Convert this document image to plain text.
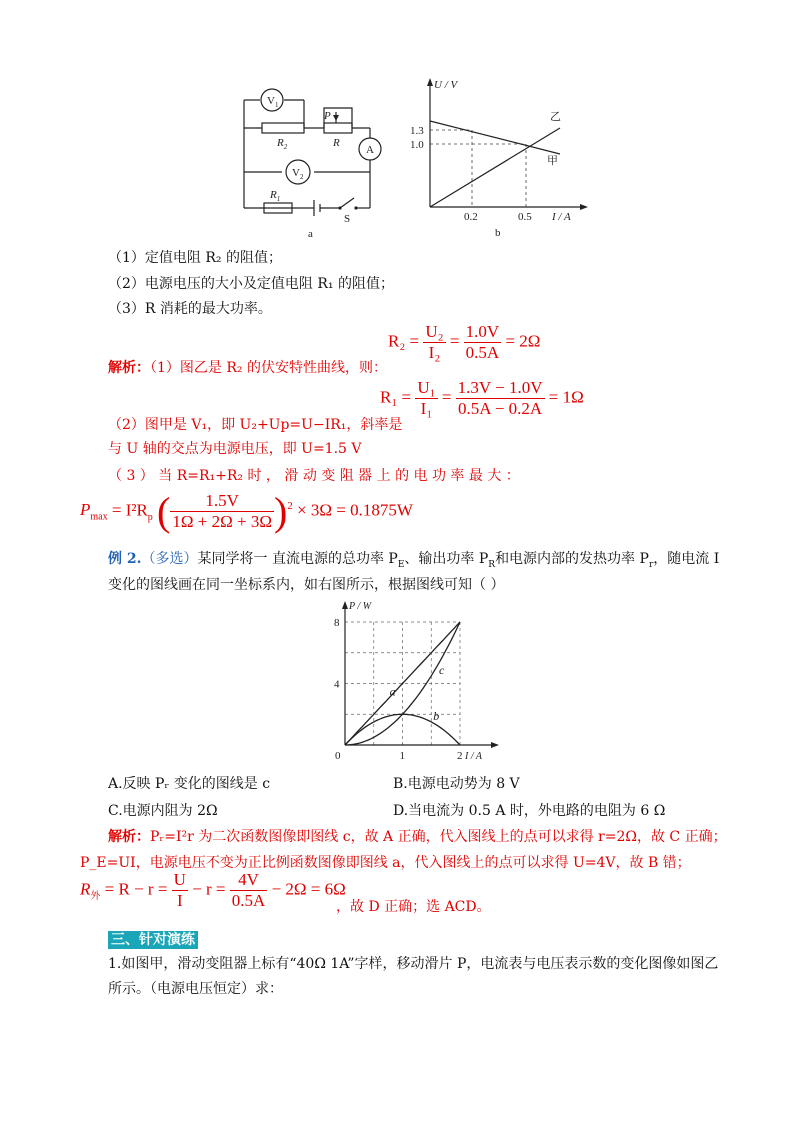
$V_1$
$R_2$
P
R
A
$V_2$
$R_1$
S
a
U / V
I / A
1.3
1.0
0.2	0.5
甲
乙
b
（1）定值电阻 R₂ 的阻值；
（2）电源电压的大小及定值电阻 R₁ 的阻值；
（3）R 消耗的最大功率。
$R_2 = \frac{\text{U₂}}{\text{I₂}} = \frac{1.0V}{0.5A} = 2\Omega$
解析：（1）图乙是 R₂ 的伏安特性曲线，则：
$R_1 = \frac{\text{U₁}}{\text{I₁}} = \frac{1.3V - 1.0V}{0.5A - 0.2A} = 1\Omega$
（2）图甲是 V₁，即 U₂+Up=U−IR₁，斜率是
与 U 轴的交点为电源电压，即 U=1.5 V
（ 3 ） 当 R=R₁+R₂ 时 ， 滑 动 变 阻 器 上 的 电 功 率 最 大 ：
$P_{max} = I^2R_p$ ( $\frac{1.5V}{1\Omega + 2\Omega + 3\Omega} )^2 \times 3\Omega = 0.1875W$
例 2.（多选）某同学将一 直流电源的总功率 $P_E$、输出功率 $P_R$和电源内部的发热功率 $P_r$，随电流 I
变化的图线画在同一坐标系内，如右图所示，根据图线可知（ ）
a
b
c
1	2
4
8
0
P / W
I / A
A.反映 Pᵣ 变化的图线是 c	B.电源电动势为 8 V
C.电源内阻为 2Ω	D.当电流为 0.5 A 时，外电路的电阻为 6 Ω
解析：Pᵣ=I²r 为二次函数图像即图线 c，故 A 正确，代入图线上的点可以求得 r=2Ω，故 C 正确；
P_E=UI，电源电压不变为正比例函数图像即图线 a，代入图线上的点可以求得 U=4V，故 B 错；
$R_外 = R - r = \frac{U}{I} - r = \frac{4V}{0.5A} - 2\Omega = 6\Omega$
，故 D 正确；选 ACD。
三、针对演练
1.如图甲，滑动变阻器上标有“40Ω 1A”字样，移动滑片 P，电流表与电压表示数的变化图像如图乙
所示。（电源电压恒定）求：
